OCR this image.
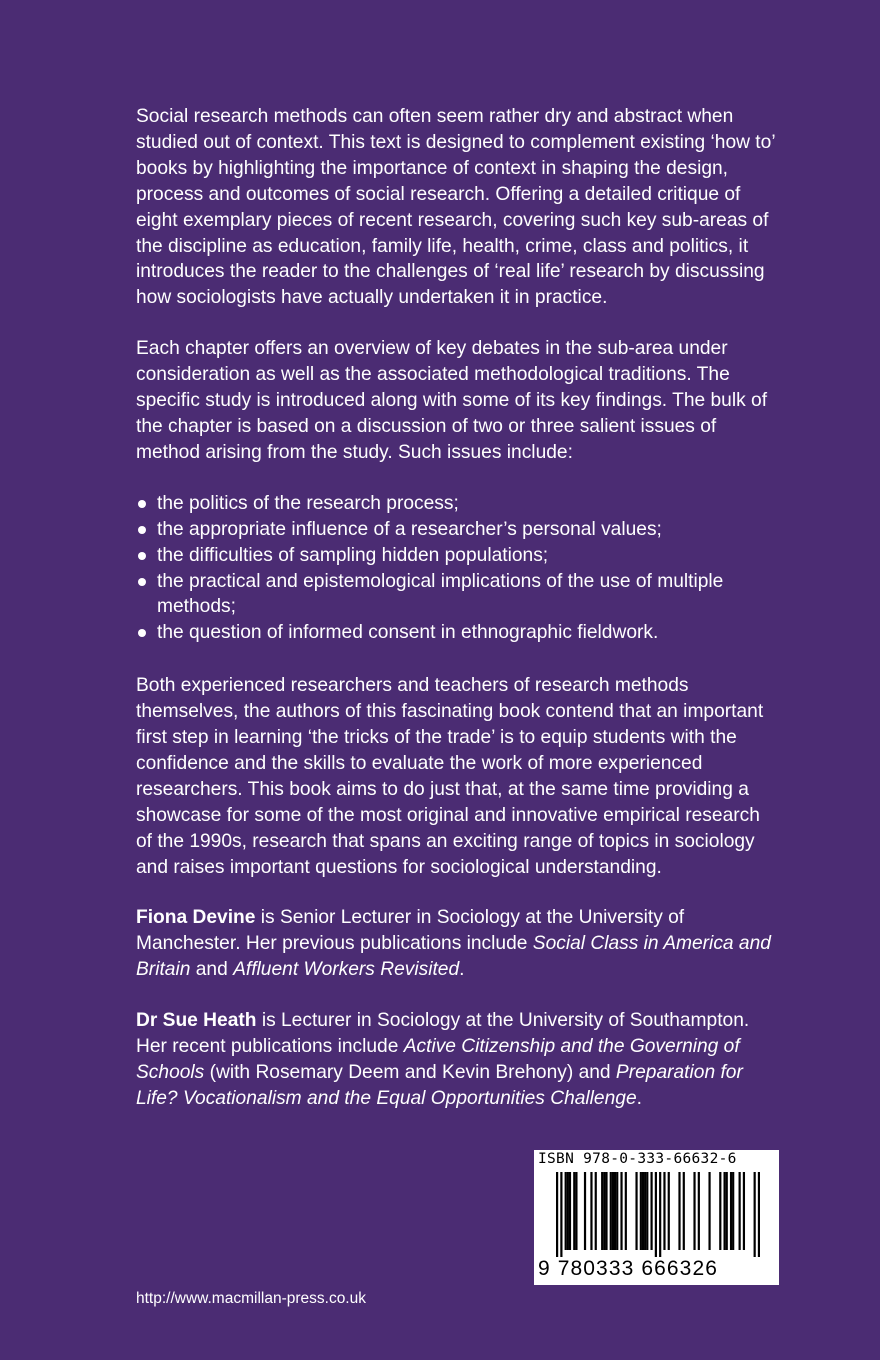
Social research methods can often seem rather dry and abstract when studied out of context. This text is designed to complement existing ‘how to’ books by highlighting the importance of context in shaping the design, process and outcomes of social research. Offering a detailed critique of eight exemplary pieces of recent research, covering such key sub-areas of the discipline as education, family life, health, crime, class and politics, it introduces the reader to the challenges of ‘real life’ research by discussing how sociologists have actually undertaken it in practice.

Each chapter offers an overview of key debates in the sub-area under consideration as well as the associated methodological traditions. The specific study is introduced along with some of its key findings. The bulk of the chapter is based on a discussion of two or three salient issues of method arising from the study. Such issues include:

the politics of the research process;
the appropriate influence of a researcher’s personal values;
the difficulties of sampling hidden populations;
the practical and epistemological implications of the use of multiple methods;
the question of informed consent in ethnographic fieldwork.

Both experienced researchers and teachers of research methods themselves, the authors of this fascinating book contend that an important first step in learning ‘the tricks of the trade’ is to equip students with the confidence and the skills to evaluate the work of more experienced researchers. This book aims to do just that, at the same time providing a showcase for some of the most original and innovative empirical research of the 1990s, research that spans an exciting range of topics in sociology and raises important questions for sociological understanding.

Fiona Devine is Senior Lecturer in Sociology at the University of Manchester. Her previous publications include Social Class in America and Britain and Affluent Workers Revisited.

Dr Sue Heath is Lecturer in Sociology at the University of Southampton. Her recent publications include Active Citizenship and the Governing of Schools (with Rosemary Deem and Kevin Brehony) and Preparation for Life? Vocationalism and the Equal Opportunities Challenge.

ISBN 978-0-333-66632-6
9 780333 666326
http://www.macmillan-press.co.uk
